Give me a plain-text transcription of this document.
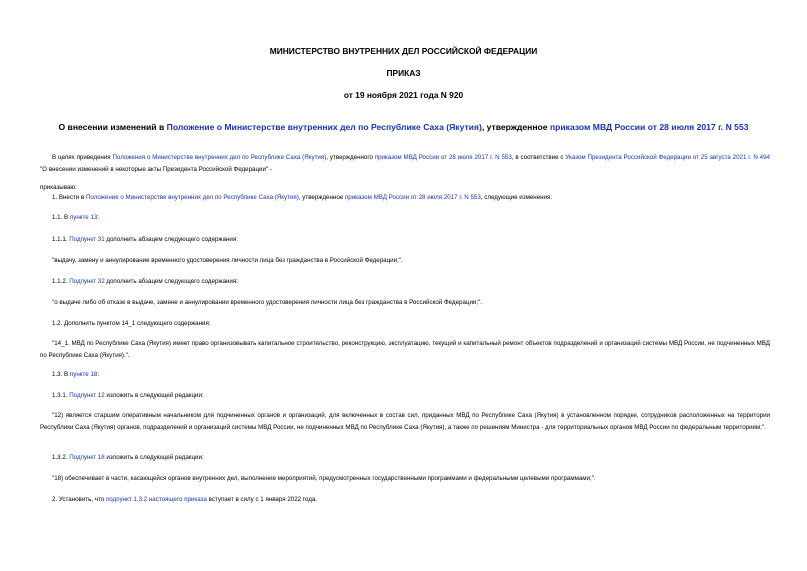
МИНИСТЕРСТВО ВНУТРЕННИХ ДЕЛ РОССИЙСКОЙ ФЕДЕРАЦИИ
ПРИКАЗ
от 19 ноября 2021 года N 920
О внесении изменений в Положение о Министерстве внутренних дел по Республике Саха (Якутия), утвержденное приказом МВД России от 28 июля 2017 г. N 553
В целях приведения Положения о Министерстве внутренних дел по Республике Саха (Якутия), утвержденного приказом МВД России от 28 июля 2017 г. N 553, в соответствие с Указом Президента Российской Федерации от 25 августа 2021 г. N 494 "О внесении изменений в некоторые акты Президента Российской Федерации" -
приказываю:
1. Внести в Положение о Министерстве внутренних дел по Республике Саха (Якутия), утвержденное приказом МВД России от 28 июля 2017 г. N 553, следующие изменения:
1.1. В пункте 13:
1.1.1. Подпункт 31 дополнить абзацем следующего содержания:
"выдачу, замену и аннулирование временного удостоверения личности лица без гражданства в Российской Федерации;".
1.1.2. Подпункт 32 дополнить абзацем следующего содержания:
"о выдаче либо об отказе в выдаче, замене и аннулировании временного удостоверения личности лица без гражданства в Российской Федерации;".
1.2. Дополнить пунктом 14_1 следующего содержания:
"14_1. МВД по Республике Саха (Якутия) имеет право организовывать капитальное строительство, реконструкцию, эксплуатацию, текущий и капитальный ремонт объектов подразделений и организаций системы МВД России, не подчиненных МВД по Республике Саха (Якутия).".
1.3. В пункте 18:
1.3.1. Подпункт 12 изложить в следующей редакции:
"12) является старшим оперативным начальником для подчиненных органов и организаций, для включенных в состав сил, приданных МВД по Республике Саха (Якутия) в установленном порядке, сотрудников расположенных на территории Республики Саха (Якутия) органов, подразделений и организаций системы МВД России, не подчиненных МВД по Республике Саха (Якутия), а также по решениям Министра - для территориальных органов МВД России по федеральным территориям;".
1.3.2. Подпункт 18 изложить в следующей редакции:
"18) обеспечивает в части, касающейся органов внутренних дел, выполнение мероприятий, предусмотренных государственными программами и федеральными целевыми программами;".
2. Установить, что подпункт 1.3.2 настоящего приказа вступает в силу с 1 января 2022 года.
